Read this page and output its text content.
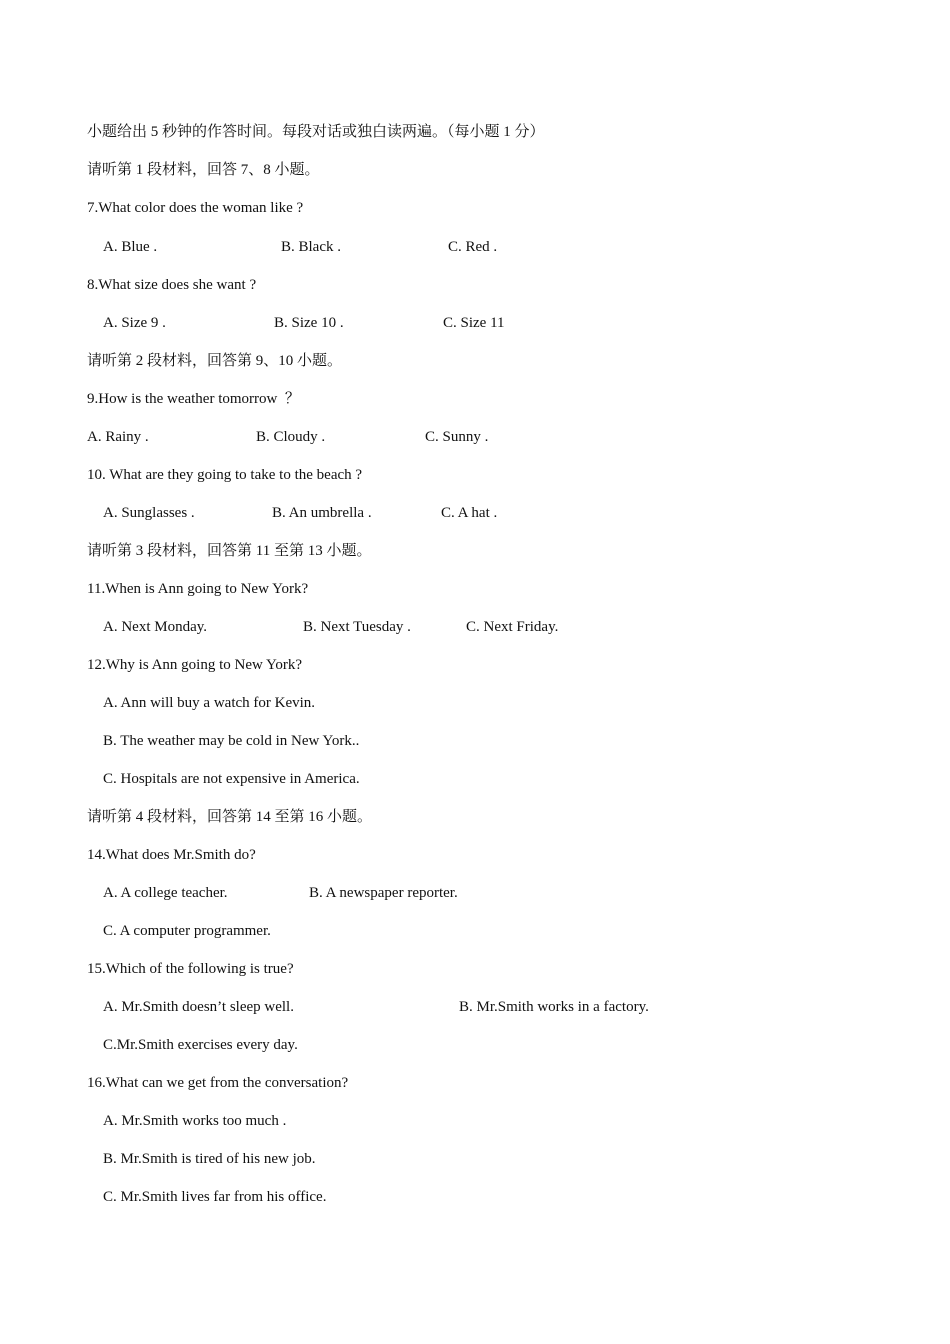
小题给出 5 秒钟的作答时间。每段对话或独白读两遍。（每小题 1 分）
请听第 1 段材料，回答 7、8 小题。
7.What color does the woman like ?
A. Blue .	B. Black .	C. Red .
8.What size does she want ?
A. Size 9 .	B. Size 10 .	C. Size 11
请听第 2 段材料，回答第 9、10 小题。
9.How is the weather tomorrow  ？
A. Rainy .	B. Cloudy .	C. Sunny .
10. What are they going to take to the beach ?
A. Sunglasses .	B. An umbrella .	C. A hat .
请听第 3 段材料，回答第 11 至第 13 小题。
11.When is Ann going to New York?
A. Next Monday.	B. Next Tuesday .	C. Next Friday.
12.Why is Ann going to New York?
A. Ann will buy a watch for Kevin.
B. The weather may be cold in New York..
C. Hospitals are not expensive in America.
请听第 4 段材料，回答第 14 至第 16 小题。
14.What does Mr.Smith do?
A. A college teacher.	B. A newspaper reporter.
C. A computer programmer.
15.Which of the following is true?
A. Mr.Smith doesn’t sleep well.	B. Mr.Smith works in a factory.
C.Mr.Smith exercises every day.
16.What can we get from the conversation?
A. Mr.Smith works too much .
B. Mr.Smith is tired of his new job.
C. Mr.Smith lives far from his office.
